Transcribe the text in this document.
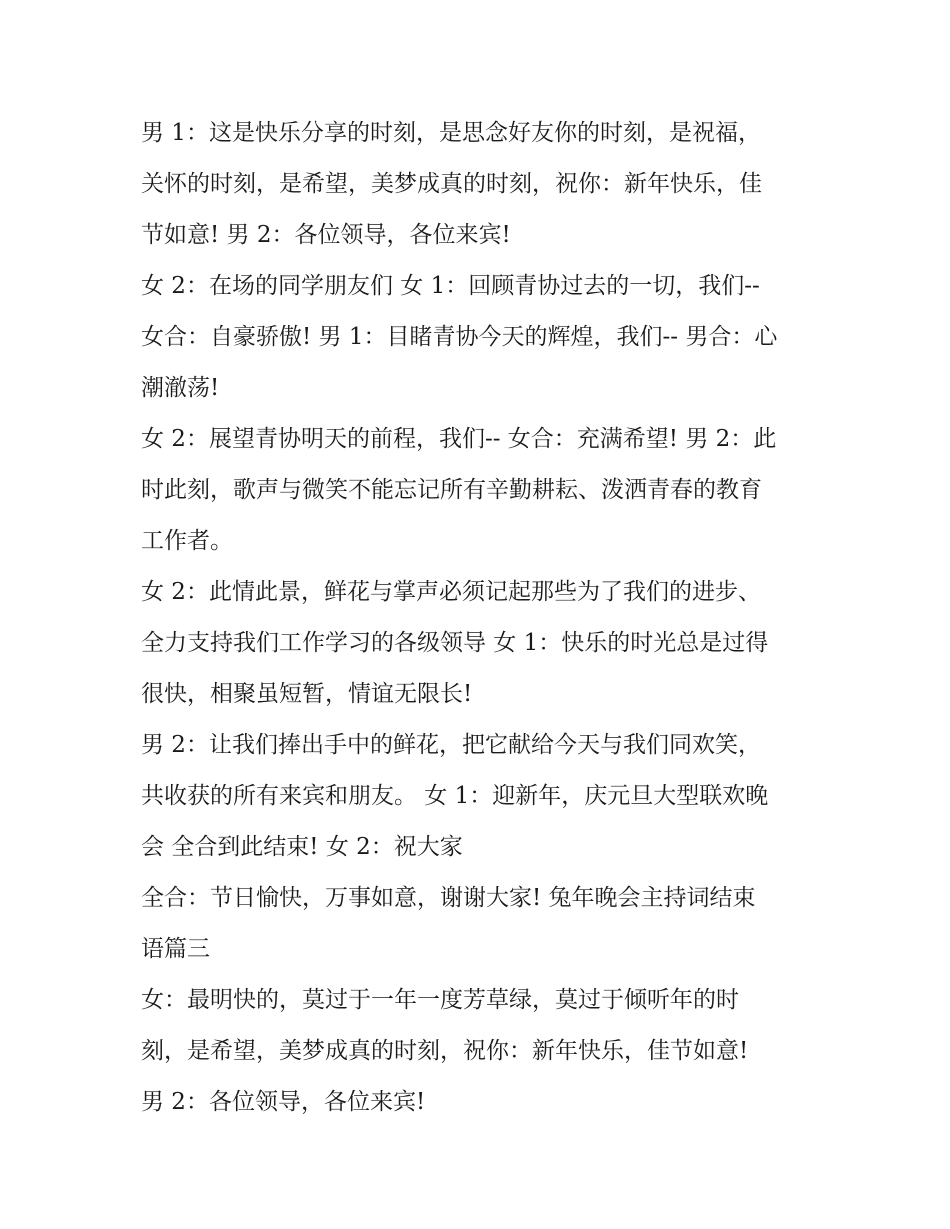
男 1：这是快乐分享的时刻，是思念好友你的时刻，是祝福，
关怀的时刻，是希望，美梦成真的时刻，祝你：新年快乐，佳
节如意! 男 2：各位领导，各位来宾!
女 2：在场的同学朋友们 女 1：回顾青协过去的一切，我们--
女合：自豪骄傲! 男 1：目睹青协今天的辉煌，我们-- 男合：心
潮澈荡!
女 2：展望青协明天的前程，我们-- 女合：充满希望! 男 2：此
时此刻，歌声与微笑不能忘记所有辛勤耕耘、泼洒青春的教育
工作者。
女 2：此情此景，鲜花与掌声必须记起那些为了我们的进步、
全力支持我们工作学习的各级领导 女 1：快乐的时光总是过得
很快，相聚虽短暂，情谊无限长!
男 2：让我们捧出手中的鲜花，把它献给今天与我们同欢笑，
共收获的所有来宾和朋友。 女 1：迎新年，庆元旦大型联欢晚
会 全合到此结束! 女 2：祝大家
全合：节日愉快，万事如意，谢谢大家! 兔年晚会主持词结束
语篇三
女：最明快的，莫过于一年一度芳草绿，莫过于倾听年的时
刻，是希望，美梦成真的时刻，祝你：新年快乐，佳节如意!
男 2：各位领导，各位来宾!
